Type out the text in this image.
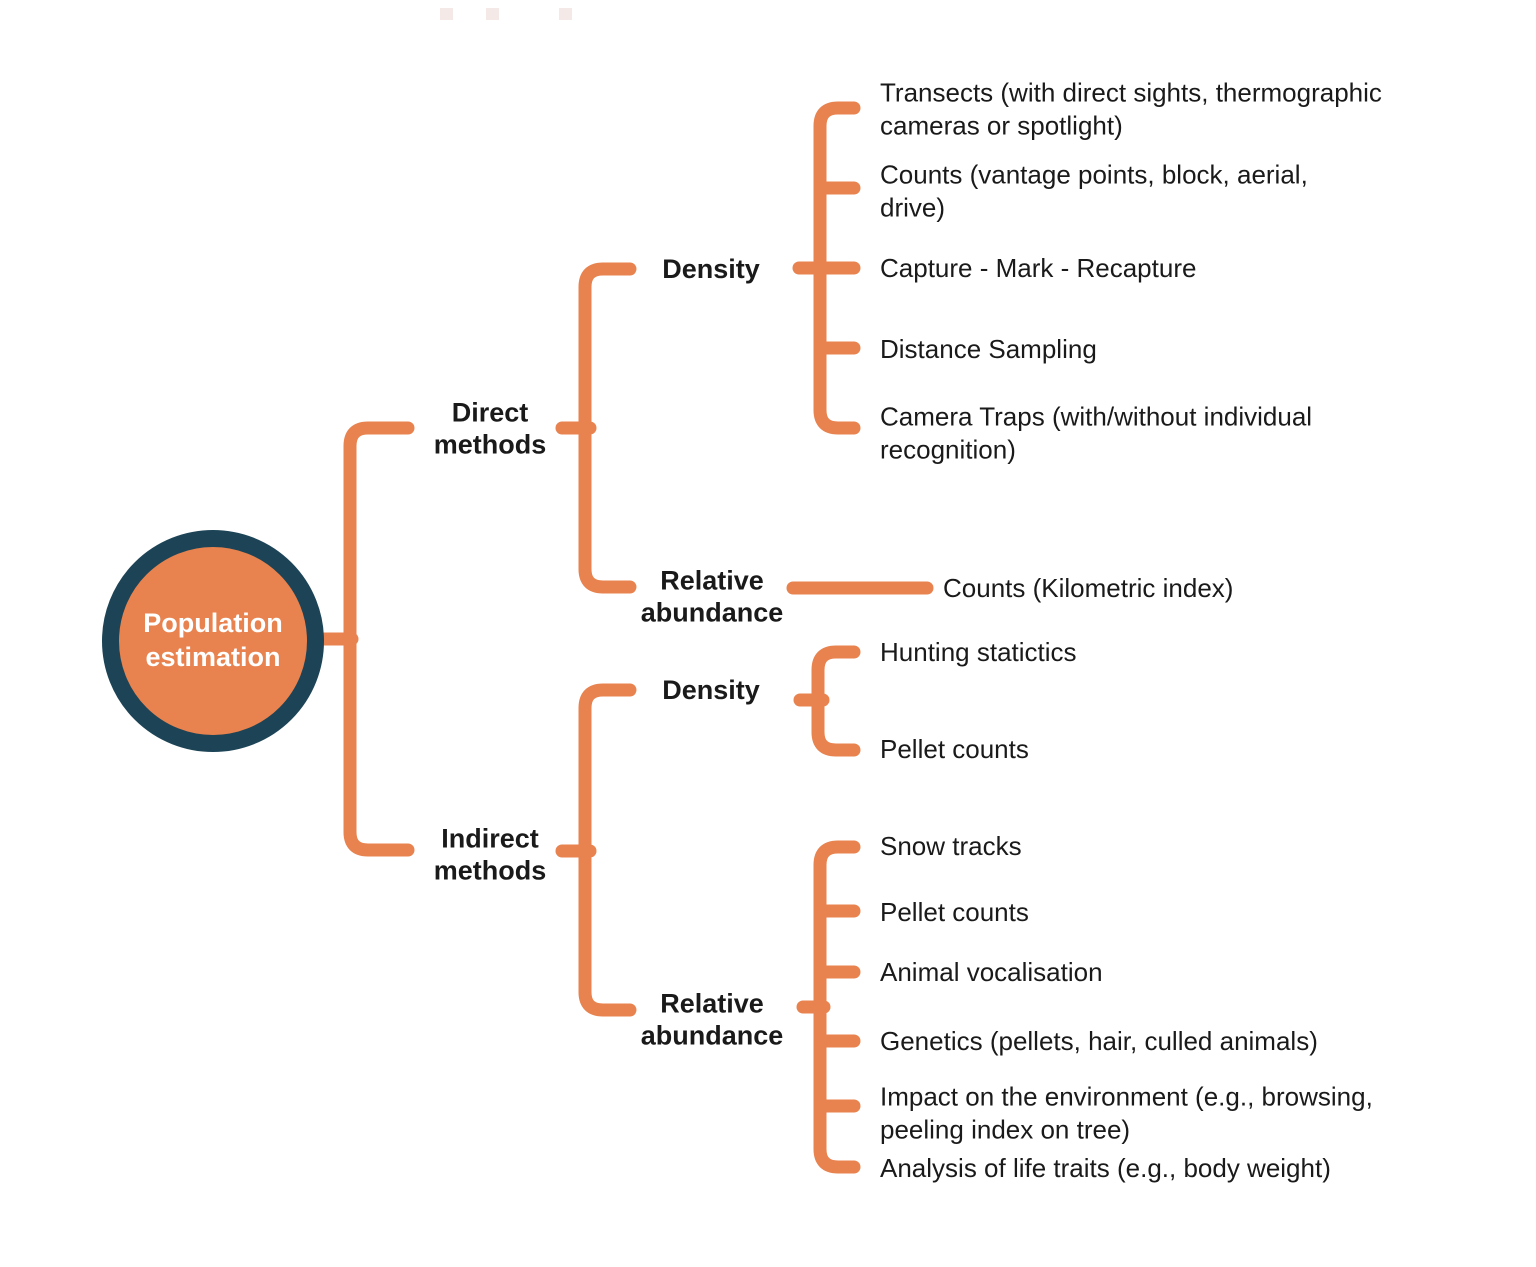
Population estimation
Direct methods
Density
Relative abundance
Indirect methods
Density
Relative abundance
Transects (with direct sights, thermographic cameras or spotlight)
Counts (vantage points, block, aerial, drive)
Capture - Mark - Recapture
Distance Sampling
Camera Traps (with/without individual recognition)
Counts (Kilometric index)
Hunting statictics
Pellet counts
Snow tracks
Pellet counts
Animal vocalisation
Genetics (pellets, hair, culled animals)
Impact on the environment (e.g., browsing, peeling index on tree)
Analysis of life traits (e.g., body weight)
